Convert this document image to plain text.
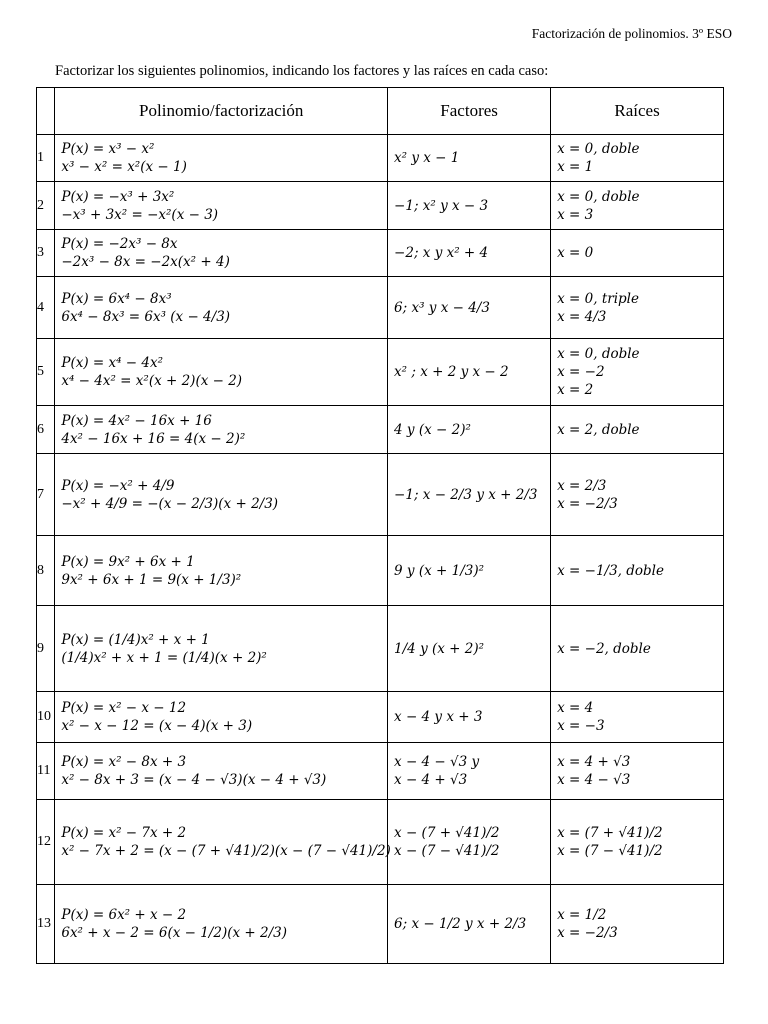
Factorización de polinomios. 3º ESO
Factorizar los siguientes polinomios, indicando los factores y las raíces en cada caso:
	Polinomio/factorización	Factores	Raíces
1	P(x) = x³ − x²
x³ − x² = x²(x − 1)	x² y x − 1	x = 0, doble
x = 1

2	P(x) = −x³ + 3x²
−x³ + 3x² = −x²(x − 3)	−1; x² y x − 3	x = 0, doble
x = 3

3	P(x) = −2x³ − 8x
−2x³ − 8x = −2x(x² + 4)	−2; x y x² + 4	x = 0

4	P(x) = 6x⁴ − 8x³
6x⁴ − 8x³ = 6x³ (x − 4/3)	6; x³ y x − 4/3	x = 0, triple
x = 4/3

5	P(x) = x⁴ − 4x²
x⁴ − 4x² = x²(x + 2)(x − 2)	x² ; x + 2 y x − 2	x = 0, doble
x = −2
x = 2

6	P(x) = 4x² − 16x + 16
4x² − 16x + 16 = 4(x − 2)²	4 y (x − 2)²	x = 2, doble

7	P(x) = −x² + 4/9
−x² + 4/9 = −(x − 2/3)(x + 2/3)	−1; x − 2/3 y x + 2/3	x = 2/3
x = −2/3

8	P(x) = 9x² + 6x + 1
9x² + 6x + 1 = 9(x + 1/3)²	9 y (x + 1/3)²	x = −1/3, doble

9	P(x) = (1/4)x² + x + 1
(1/4)x² + x + 1 = (1/4)(x + 2)²	1/4 y (x + 2)²	x = −2, doble

10	P(x) = x² − x − 12
x² − x − 12 = (x − 4)(x + 3)	x − 4 y x + 3	x = 4
x = −3

11	P(x) = x² − 8x + 3
x² − 8x + 3 = (x − 4 − √3)(x − 4 + √3)	x − 4 − √3 y
x − 4 + √3	x = 4 + √3
x = 4 − √3

12	P(x) = x² − 7x + 2
x² − 7x + 2 = (x − (7 + √41)/2)(x − (7 − √41)/2)	x − (7 + √41)/2
x − (7 − √41)/2	x = (7 + √41)/2
x = (7 − √41)/2

13	P(x) = 6x² + x − 2
6x² + x − 2 = 6(x − 1/2)(x + 2/3)	6; x − 1/2 y x + 2/3	x = 1/2
x = −2/3
